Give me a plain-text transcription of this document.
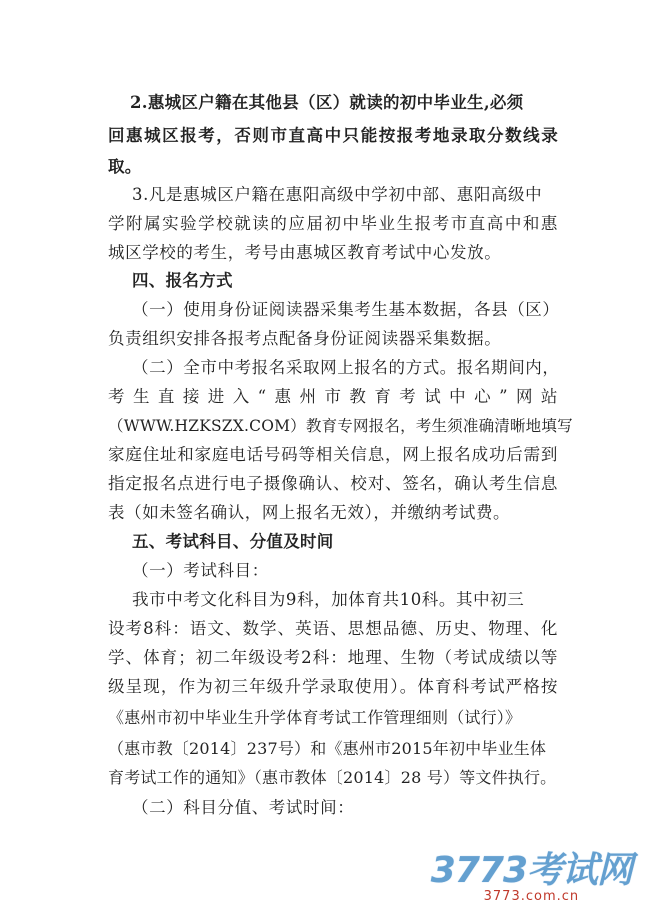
2.惠城区户籍在其他县（区）就读的初中毕业生,必须
回惠城区报考，否则市直高中只能按报考地录取分数线录
取。
3.凡是惠城区户籍在惠阳高级中学初中部、惠阳高级中
学附属实验学校就读的应届初中毕业生报考市直高中和惠
城区学校的考生，考号由惠城区教育考试中心发放。
四、报名方式
（一）使用身份证阅读器采集考生基本数据，各县（区）
负责组织安排各报考点配备身份证阅读器采集数据。
（二）全市中考报名采取网上报名的方式。报名期间内，
考生直接进入“惠州市教育考试中心”网站
（WWW.HZKSZX.COM）教育专网报名，考生须准确清晰地填写
家庭住址和家庭电话号码等相关信息，网上报名成功后需到
指定报名点进行电子摄像确认、校对、签名，确认考生信息
表（如未签名确认，网上报名无效），并缴纳考试费。
五、考试科目、分值及时间
（一）考试科目：
我市中考文化科目为9科，加体育共10科。其中初三
设考8科：语文、数学、英语、思想品德、历史、物理、化
学、体育；初二年级设考2科：地理、生物（考试成绩以等
级呈现，作为初三年级升学录取使用）。体育科考试严格按
《惠州市初中毕业生升学体育考试工作管理细则（试行）》
（惠市教〔2014〕237号）和《惠州市2015年初中毕业生体
育考试工作的通知》（惠市教体〔2014〕28 号）等文件执行。
（二）科目分值、考试时间：
3773考试网
3773.com.cn
